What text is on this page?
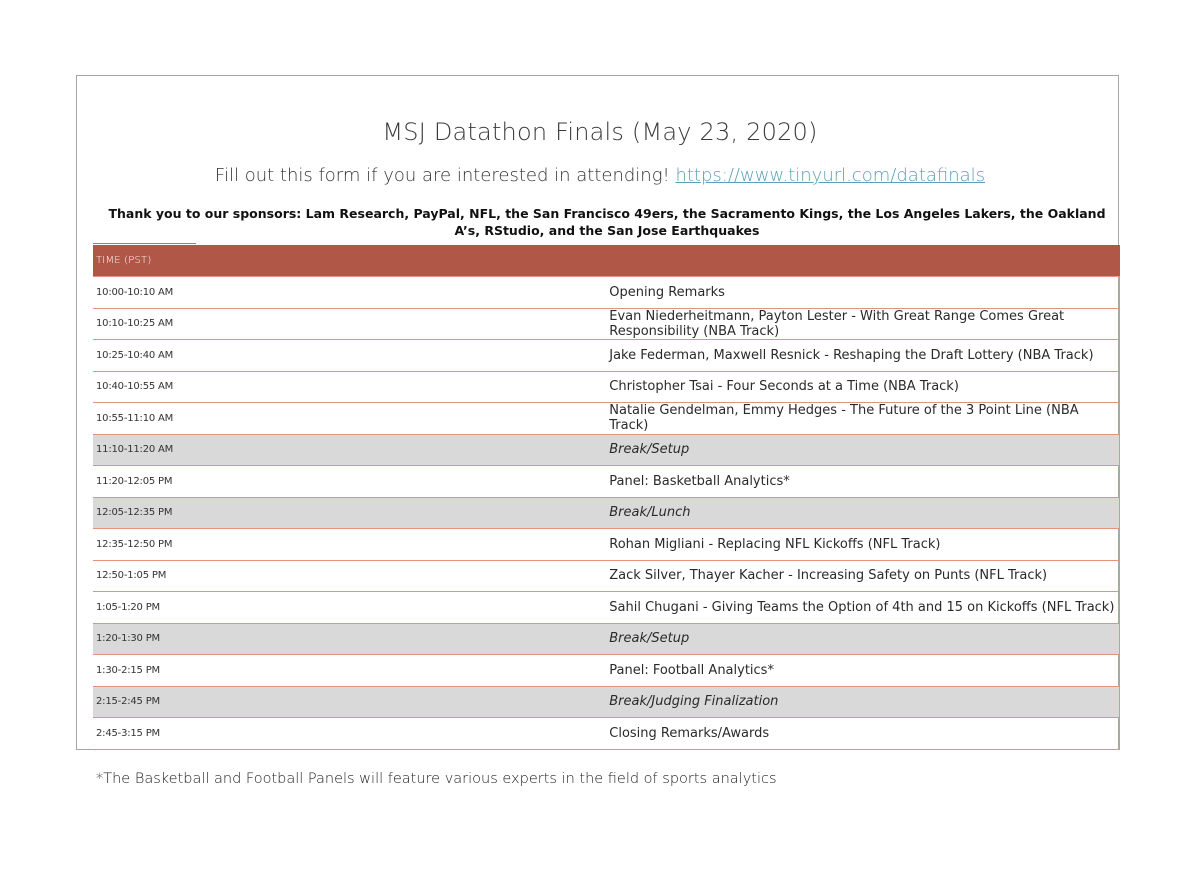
MSJ Datathon Finals (May 23, 2020)
Fill out this form if you are interested in attending! https://www.tinyurl.com/datafinals
Thank you to our sponsors: Lam Research, PayPal, NFL, the San Francisco 49ers, the Sacramento Kings, the Los Angeles Lakers, the Oakland A’s, RStudio, and the San Jose Earthquakes
TIME (PST)	
10:00-10:10 AM	Opening Remarks
10:10-10:25 AM	Evan Niederheitmann, Payton Lester - With Great Range Comes Great Responsibility (NBA Track)
10:25-10:40 AM	Jake Federman, Maxwell Resnick - Reshaping the Draft Lottery (NBA Track)
10:40-10:55 AM	Christopher Tsai - Four Seconds at a Time (NBA Track)
10:55-11:10 AM	Natalie Gendelman, Emmy Hedges - The Future of the 3 Point Line (NBA Track)
11:10-11:20 AM	Break/Setup
11:20-12:05 PM	Panel: Basketball Analytics*
12:05-12:35 PM	Break/Lunch
12:35-12:50 PM	Rohan Migliani - Replacing NFL Kickoffs (NFL Track)
12:50-1:05 PM	Zack Silver, Thayer Kacher - Increasing Safety on Punts (NFL Track)
1:05-1:20 PM	Sahil Chugani - Giving Teams the Option of 4th and 15 on Kickoffs (NFL Track)
1:20-1:30 PM	Break/Setup
1:30-2:15 PM	Panel: Football Analytics*
2:15-2:45 PM	Break/Judging Finalization
2:45-3:15 PM	Closing Remarks/Awards
*The Basketball and Football Panels will feature various experts in the field of sports analytics
